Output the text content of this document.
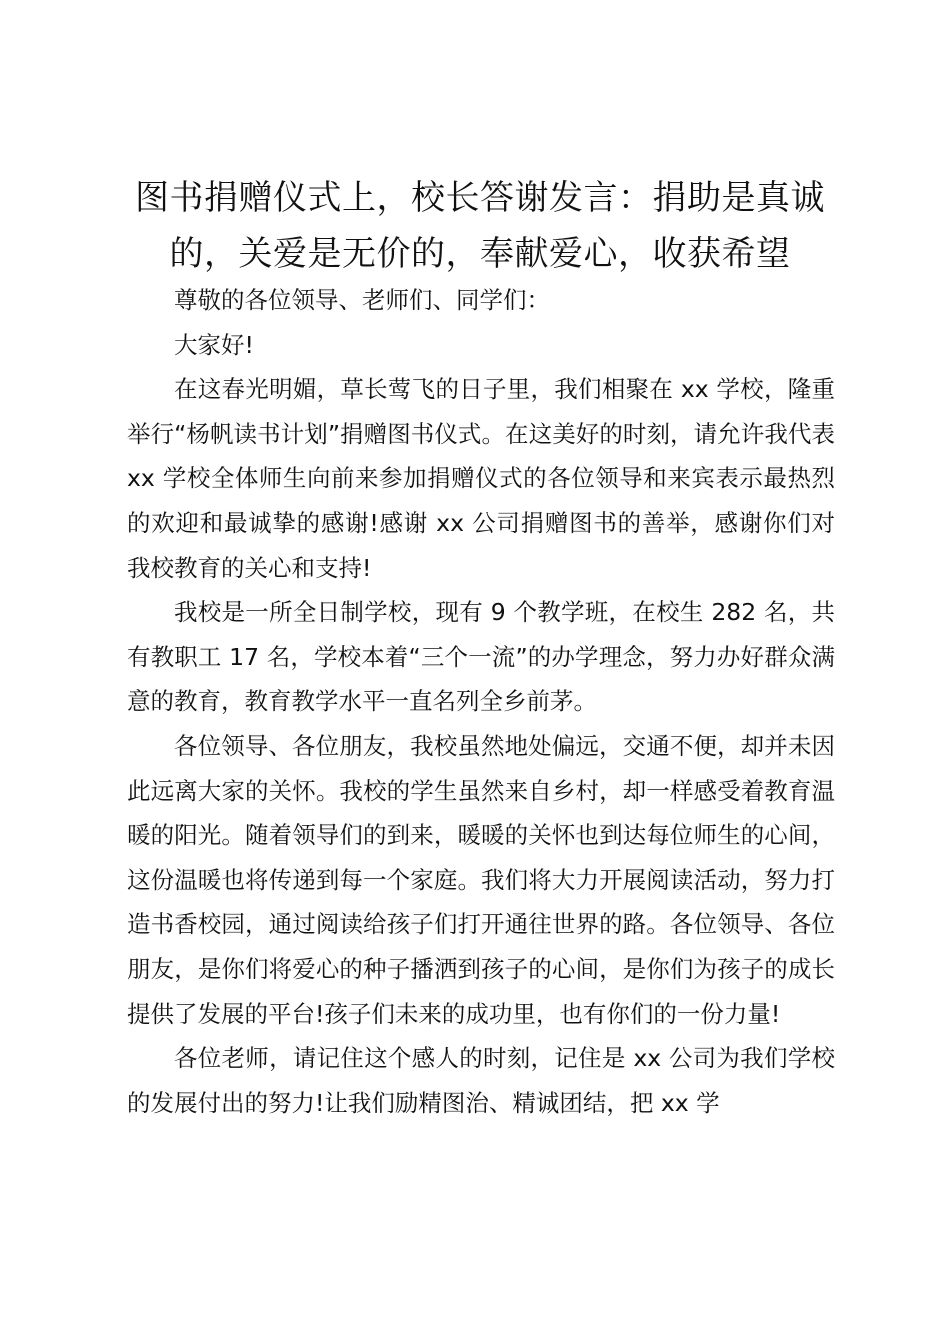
图书捐赠仪式上，校长答谢发言：捐助是真诚的，关爱是无价的，奉献爱心，收获希望

尊敬的各位领导、老师们、同学们：

大家好!

在这春光明媚，草长莺飞的日子里，我们相聚在 xx 学校，隆重举行“杨帆读书计划”捐赠图书仪式。在这美好的时刻，请允许我代表 xx 学校全体师生向前来参加捐赠仪式的各位领导和来宾表示最热烈的欢迎和最诚挚的感谢!感谢 xx 公司捐赠图书的善举，感谢你们对我校教育的关心和支持!

我校是一所全日制学校，现有 9 个教学班，在校生 282 名，共有教职工 17 名，学校本着“三个一流”的办学理念，努力办好群众满意的教育，教育教学水平一直名列全乡前茅。

各位领导、各位朋友，我校虽然地处偏远，交通不便，却并未因此远离大家的关怀。我校的学生虽然来自乡村，却一样感受着教育温暖的阳光。随着领导们的到来，暖暖的关怀也到达每位师生的心间，这份温暖也将传递到每一个家庭。我们将大力开展阅读活动，努力打造书香校园，通过阅读给孩子们打开通往世界的路。各位领导、各位朋友，是你们将爱心的种子播洒到孩子的心间，是你们为孩子的成长提供了发展的平台!孩子们未来的成功里，也有你们的一份力量!

各位老师，请记住这个感人的时刻，记住是 xx 公司为我们学校的发展付出的努力!让我们励精图治、精诚团结，把 xx 学
